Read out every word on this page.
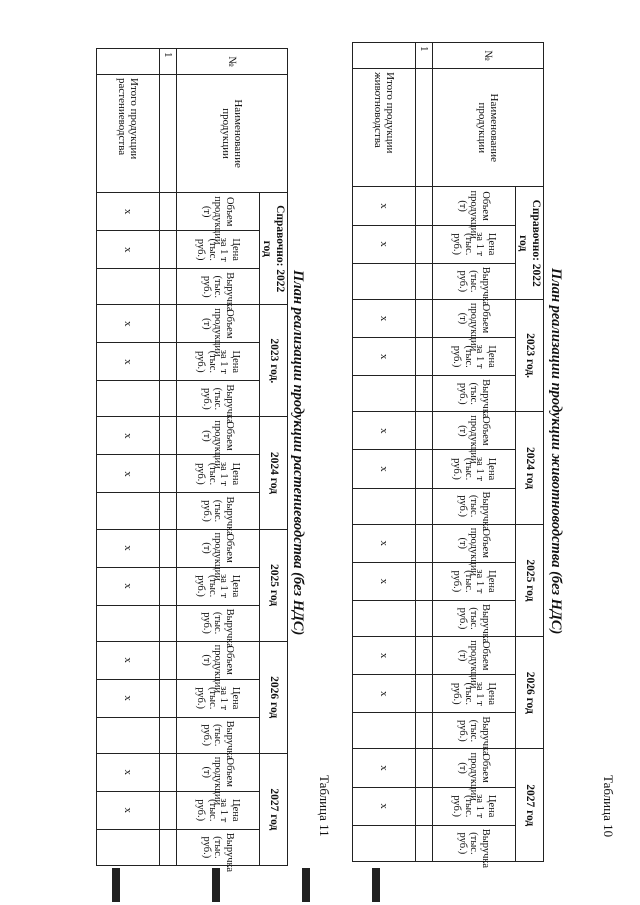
Таблица 10
План реализации продукции животноводства (без НДС)
№	Наименование продукции	Справочно: 2022 год			2023 год.			2024 год			2025 год			2026 год			2027 год		
		Объем продукции (т)	Цена за 1 т (тыс. руб.)	Выручка (тыс. руб.)	Объем продукции (т)	Цена за 1 т (тыс. руб.)	Выручка (тыс. руб.)	Объем продукции (т)	Цена за 1 т (тыс. руб.)	Выручка (тыс. руб.)	Объем продукции (т)	Цена за 1 т (тыс. руб.)	Выручка (тыс. руб.)	Объем продукции (т)	Цена за 1 т (тыс. руб.)	Выручка (тыс. руб.)	Объем продукции (т)	Цена за 1 т (тыс. руб.)	Выручка (тыс. руб.)
1																			
	Итого продукции животноводства	x	x		x	x		x	x		x	x		x	x		x	x	
Таблица 11
План реализации продукции растениеводства (без НДС)
№	Наименование продукции	Справочно: 2022 год			2023 год.			2024 год			2025 год			2026 год			2027 год		
		Объем продукции (т)	Цена за 1 т (тыс. руб.)	Выручка (тыс. руб.)	Объем продукции (т)	Цена за 1 т (тыс. руб.)	Выручка (тыс. руб.)	Объем продукции (т)	Цена за 1 т (тыс. руб.)	Выручка (тыс. руб.)	Объем продукции (т)	Цена за 1 т (тыс. руб.)	Выручка (тыс. руб.)	Объем продукции (т)	Цена за 1 т (тыс. руб.)	Выручка (тыс. руб.)	Объем продукции (т)	Цена за 1 т (тыс. руб.)	Выручка (тыс. руб.)
1																			
	Итого продукции растениеводства	x	x		x	x		x	x		x	x		x	x		x	x	
